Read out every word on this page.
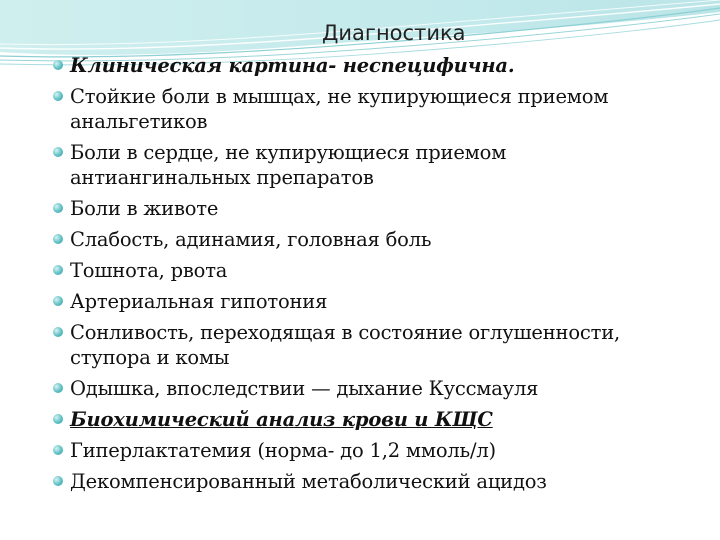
Диагностика
Клиническая картина- неспецифична.
Стойкие боли в мышцах, не купирующиеся приемом анальгетиков
Боли в сердце, не купирующиеся приемом антиангинальных препаратов
Боли в животе
Слабость, адинамия, головная боль
Тошнота, рвота
Артериальная гипотония
Сонливость, переходящая в состояние оглушенности, ступора и комы
Одышка, впоследствии — дыхание Куссмауля
Биохимический анализ крови и КЩС
Гиперлактатемия (норма- до 1,2 ммоль/л)
Декомпенсированный метаболический ацидоз
